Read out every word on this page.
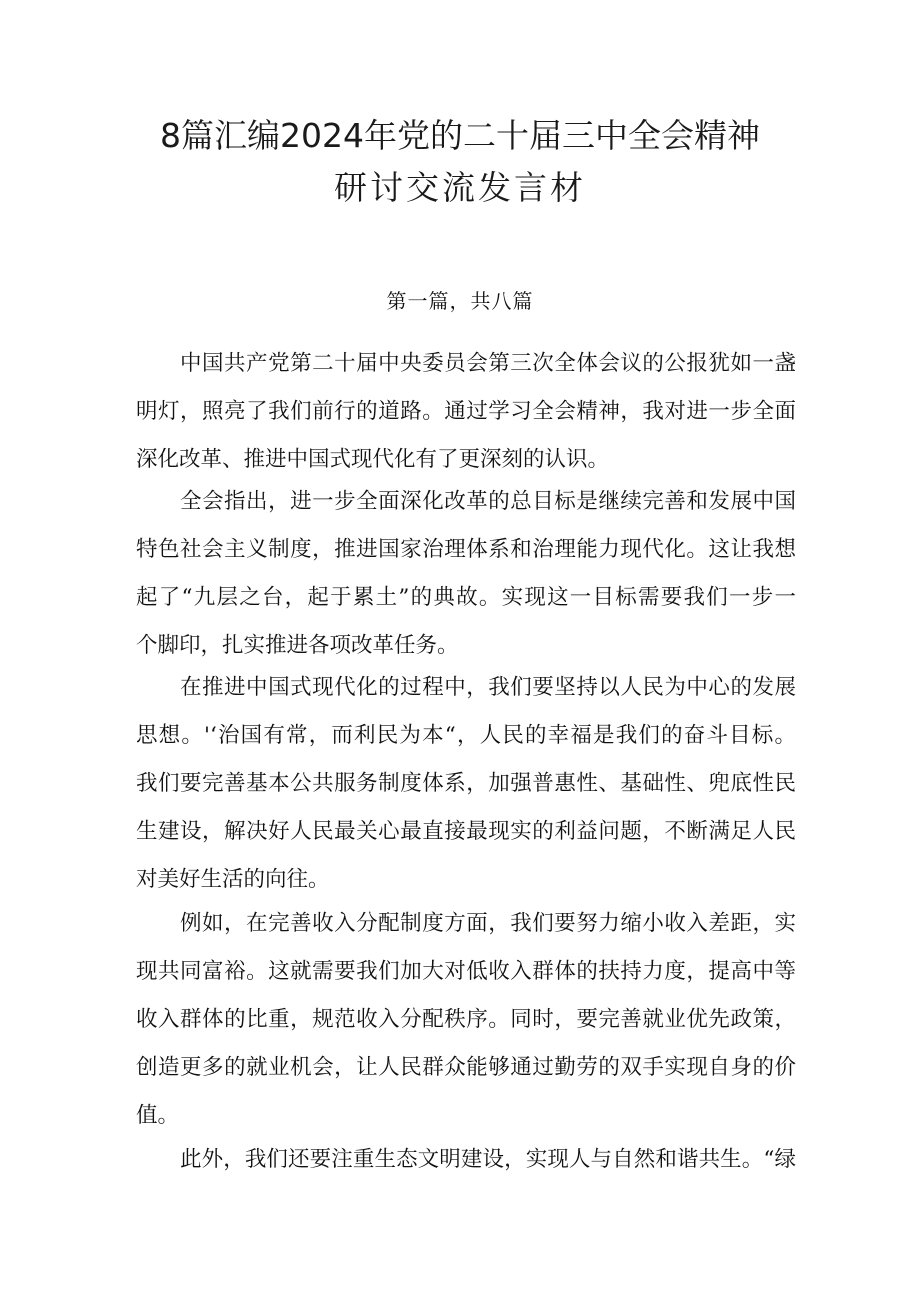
8篇汇编2024年党的二十届三中全会精神
研讨交流发言材
第一篇，共八篇
中国共产党第二十届中央委员会第三次全体会议的公报犹如一盏
明灯，照亮了我们前行的道路。通过学习全会精神，我对进一步全面
深化改革、推进中国式现代化有了更深刻的认识。
全会指出，进一步全面深化改革的总目标是继续完善和发展中国
特色社会主义制度，推进国家治理体系和治理能力现代化。这让我想
起了“九层之台，起于累土”的典故。实现这一目标需要我们一步一
个脚印，扎实推进各项改革任务。
在推进中国式现代化的过程中，我们要坚持以人民为中心的发展
思想。'‘治国有常，而利民为本“，人民的幸福是我们的奋斗目标。
我们要完善基本公共服务制度体系，加强普惠性、基础性、兜底性民
生建设，解决好人民最关心最直接最现实的利益问题，不断满足人民
对美好生活的向往。
例如，在完善收入分配制度方面，我们要努力缩小收入差距，实
现共同富裕。这就需要我们加大对低收入群体的扶持力度，提高中等
收入群体的比重，规范收入分配秩序。同时，要完善就业优先政策，
创造更多的就业机会，让人民群众能够通过勤劳的双手实现自身的价
值。
此外，我们还要注重生态文明建设，实现人与自然和谐共生。“绿
